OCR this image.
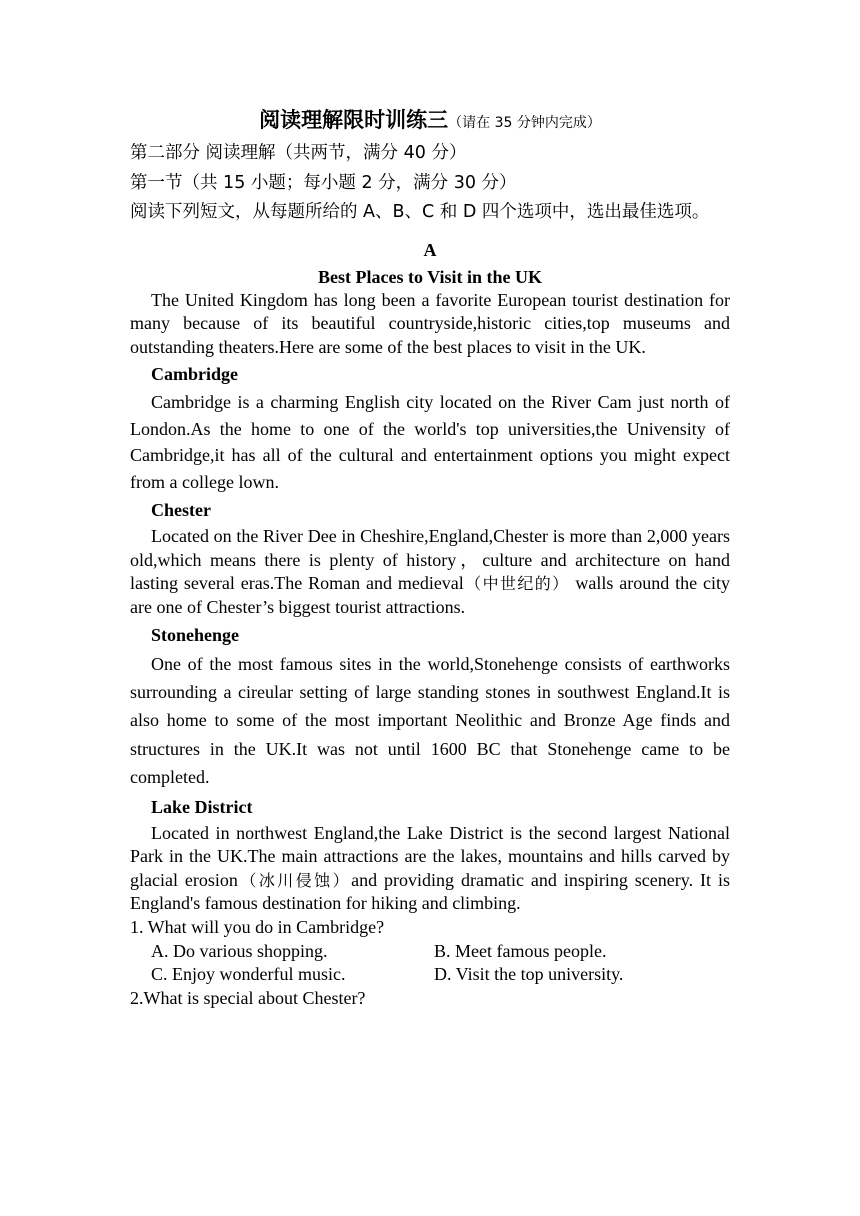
阅读理解限时训练三（请在 35 分钟内完成）

第二部分 阅读理解（共两节，满分 40 分）

第一节（共 15 小题；每小题 2 分，满分 30 分）

阅读下列短文，从每题所给的 A、B、C 和 D 四个选项中，选出最佳选项。

A
Best Places to Visit in the UK

The United Kingdom has long been a favorite European tourist destination for many because of its beautiful countryside,historic cities,top museums and outstanding theaters.Here are some of the best places to visit in the UK.

Cambridge

Cambridge is a charming English city located on the River Cam just north of London.As the home to one of the world's top universities,the Univensity of Cambridge,it has all of the cultural and entertainment options you might expect from a college lown.

Chester

Located on the River Dee in Cheshire,England,Chester is more than 2,000 years old,which means there is plenty of history，culture and architecture on hand lasting several eras.The Roman and medieval（中世纪的） walls around the city are one of Chester’s biggest tourist attractions.

Stonehenge

One of the most famous sites in the world,Stonehenge consists of earthworks surrounding a cireular setting of large standing stones in southwest England.It is also home to some of the most important Neolithic and Bronze Age finds and structures in the UK.It was not until 1600 BC that Stonehenge came to be completed.

Lake District

Located in northwest England,the Lake District is the second largest National Park in the UK.The main attractions are the lakes, mountains and hills carved by glacial erosion（冰川侵蚀）and providing dramatic and inspiring scenery. It is England's famous destination for hiking and climbing.

1. What will you do in Cambridge?

A. Do various shopping.	B. Meet famous people.
C. Enjoy wonderful music.	D. Visit the top university.

2.What is special about Chester?
